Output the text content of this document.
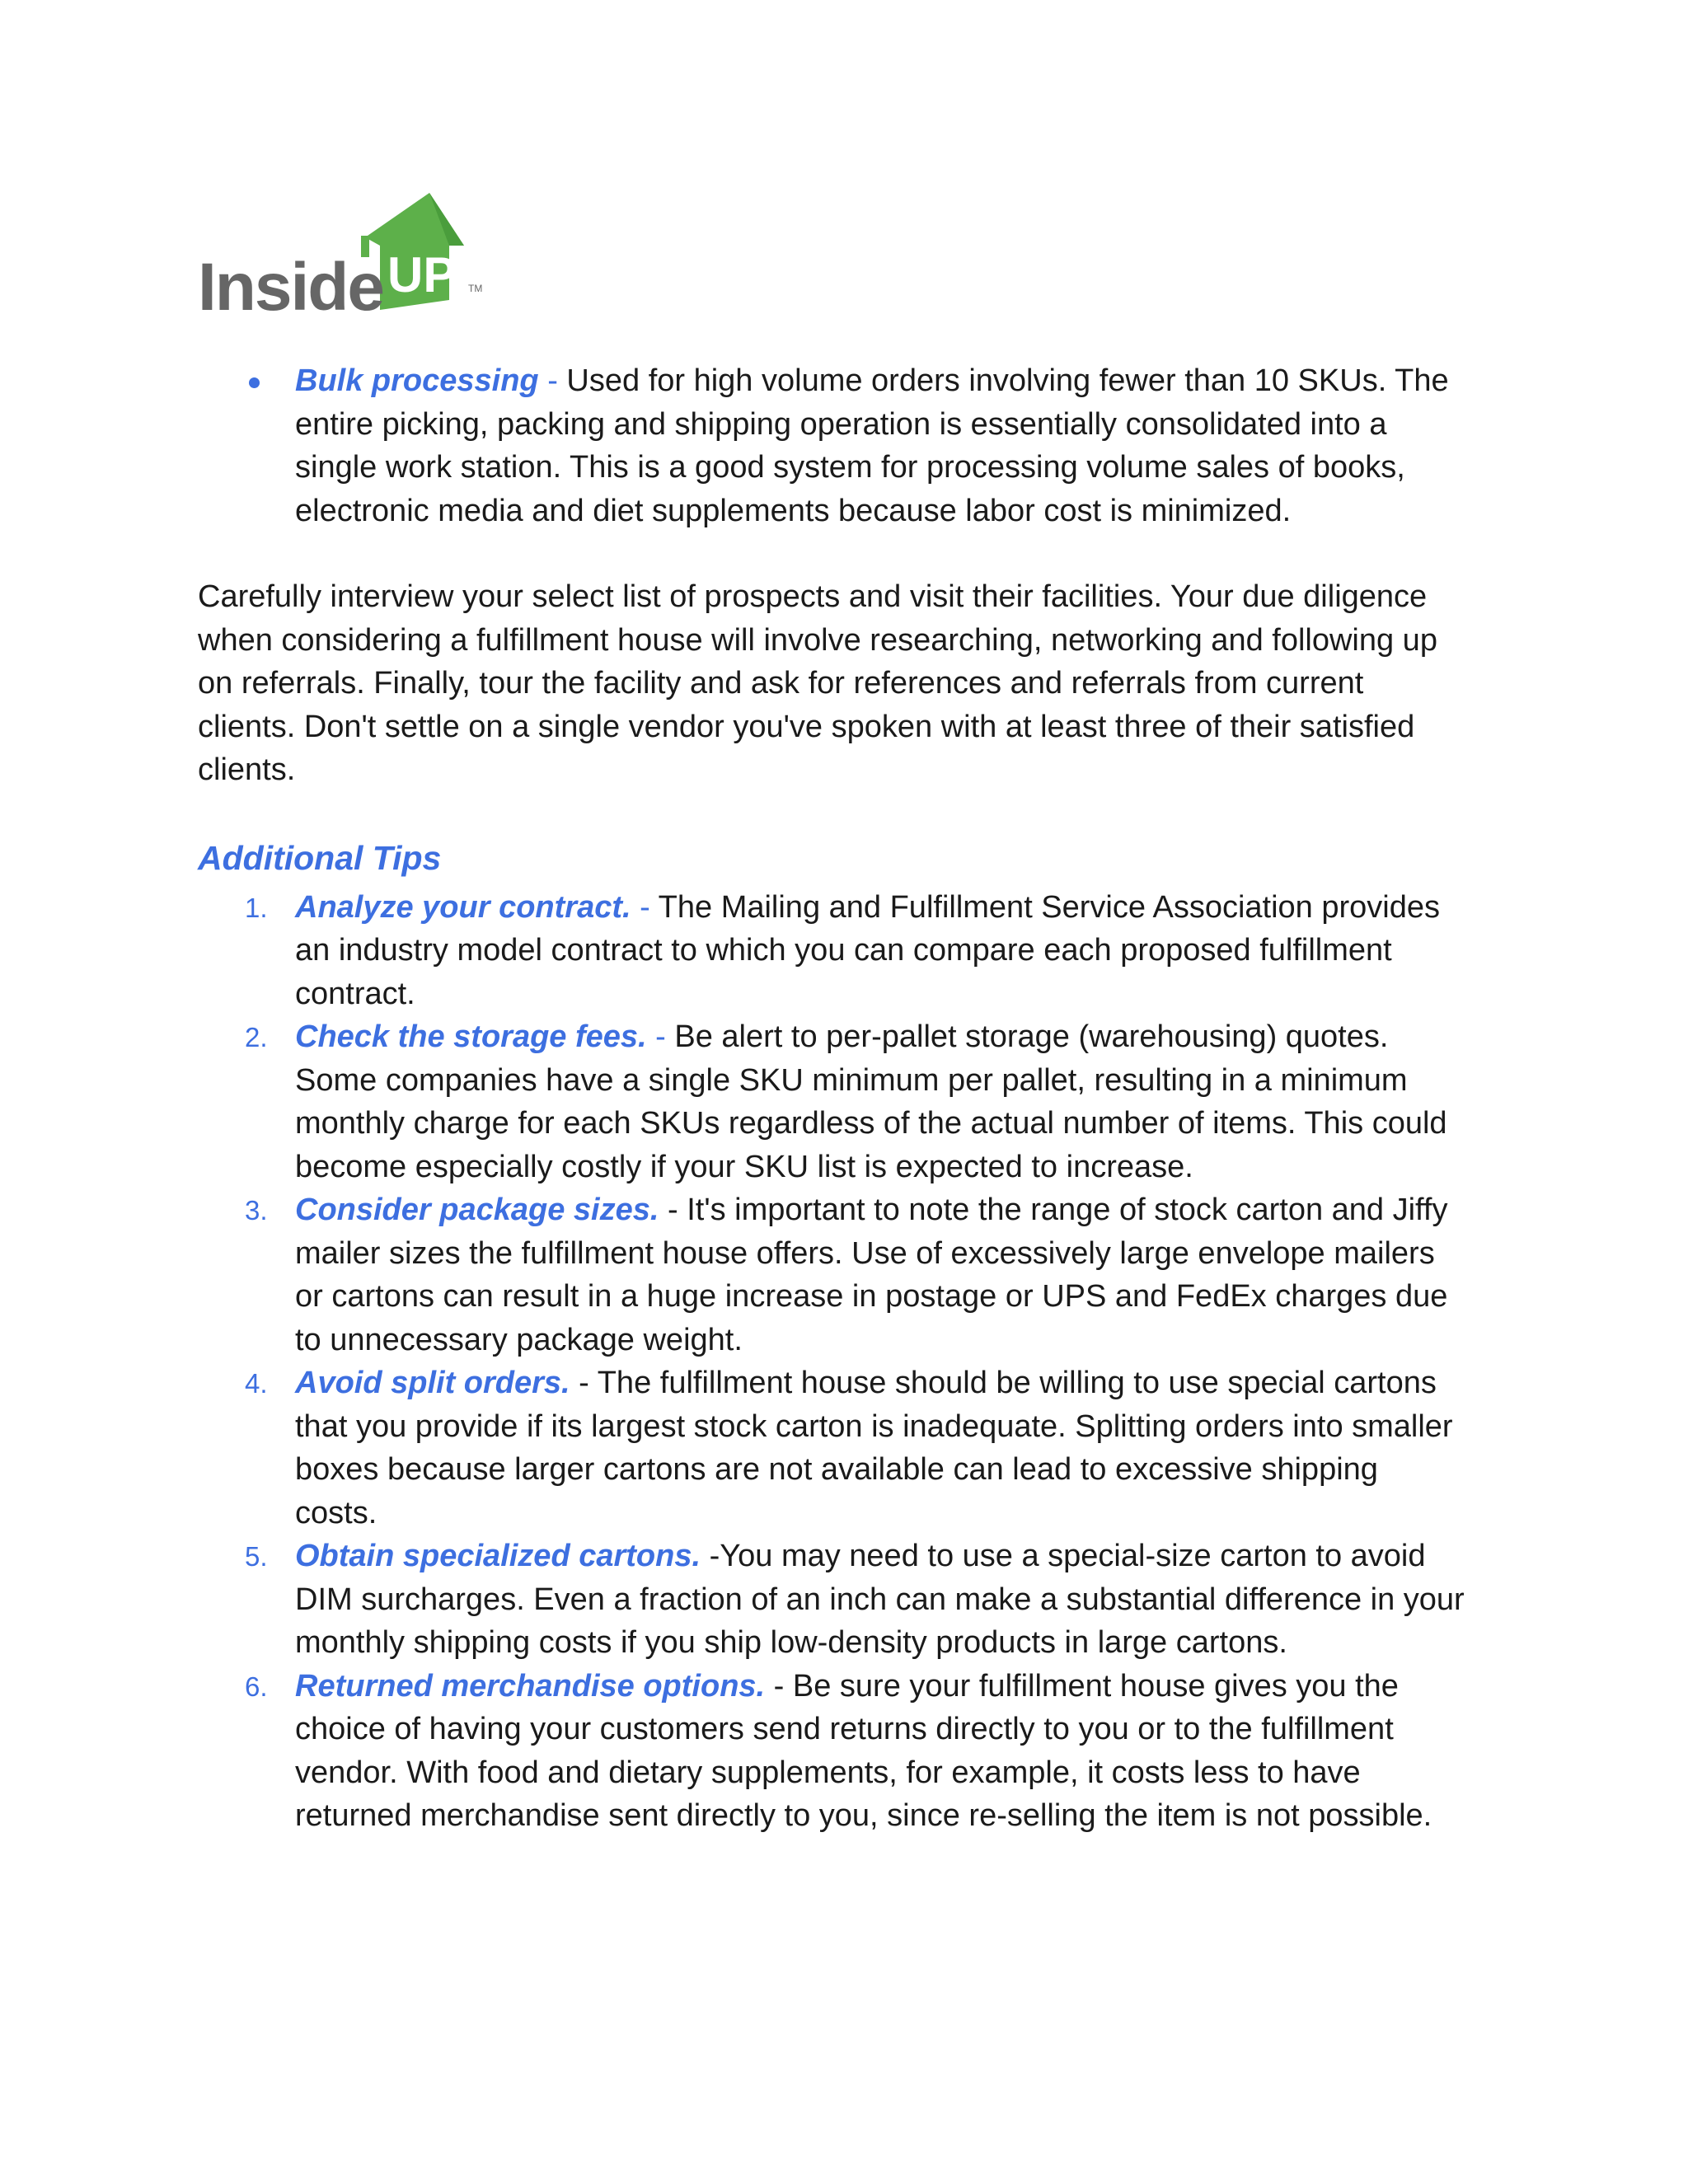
UP
Inside	TM
Bulk processing - Used for high volume orders involving fewer than 10 SKUs. The entire picking, packing and shipping operation is essentially consolidated into a single work station. This is a good system for processing volume sales of books, electronic media and diet supplements because labor cost is minimized.

Carefully interview your select list of prospects and visit their facilities. Your due diligence when considering a fulfillment house will involve researching, networking and following up on referrals. Finally, tour the facility and ask for references and referrals from current clients. Don't settle on a single vendor you've spoken with at least three of their satisfied clients.

Additional Tips
1. Analyze your contract. - The Mailing and Fulfillment Service Association provides an industry model contract to which you can compare each proposed fulfillment contract.
2. Check the storage fees. - Be alert to per-pallet storage (warehousing) quotes. Some companies have a single SKU minimum per pallet, resulting in a minimum monthly charge for each SKUs regardless of the actual number of items. This could become especially costly if your SKU list is expected to increase.
3. Consider package sizes. - It's important to note the range of stock carton and Jiffy mailer sizes the fulfillment house offers. Use of excessively large envelope mailers or cartons can result in a huge increase in postage or UPS and FedEx charges due to unnecessary package weight.
4. Avoid split orders. - The fulfillment house should be willing to use special cartons that you provide if its largest stock carton is inadequate. Splitting orders into smaller boxes because larger cartons are not available can lead to excessive shipping costs.
5. Obtain specialized cartons. -You may need to use a special-size carton to avoid DIM surcharges. Even a fraction of an inch can make a substantial difference in your monthly shipping costs if you ship low-density products in large cartons.
6. Returned merchandise options. - Be sure your fulfillment house gives you the choice of having your customers send returns directly to you or to the fulfillment vendor. With food and dietary supplements, for example, it costs less to have returned merchandise sent directly to you, since re-selling the item is not possible.
